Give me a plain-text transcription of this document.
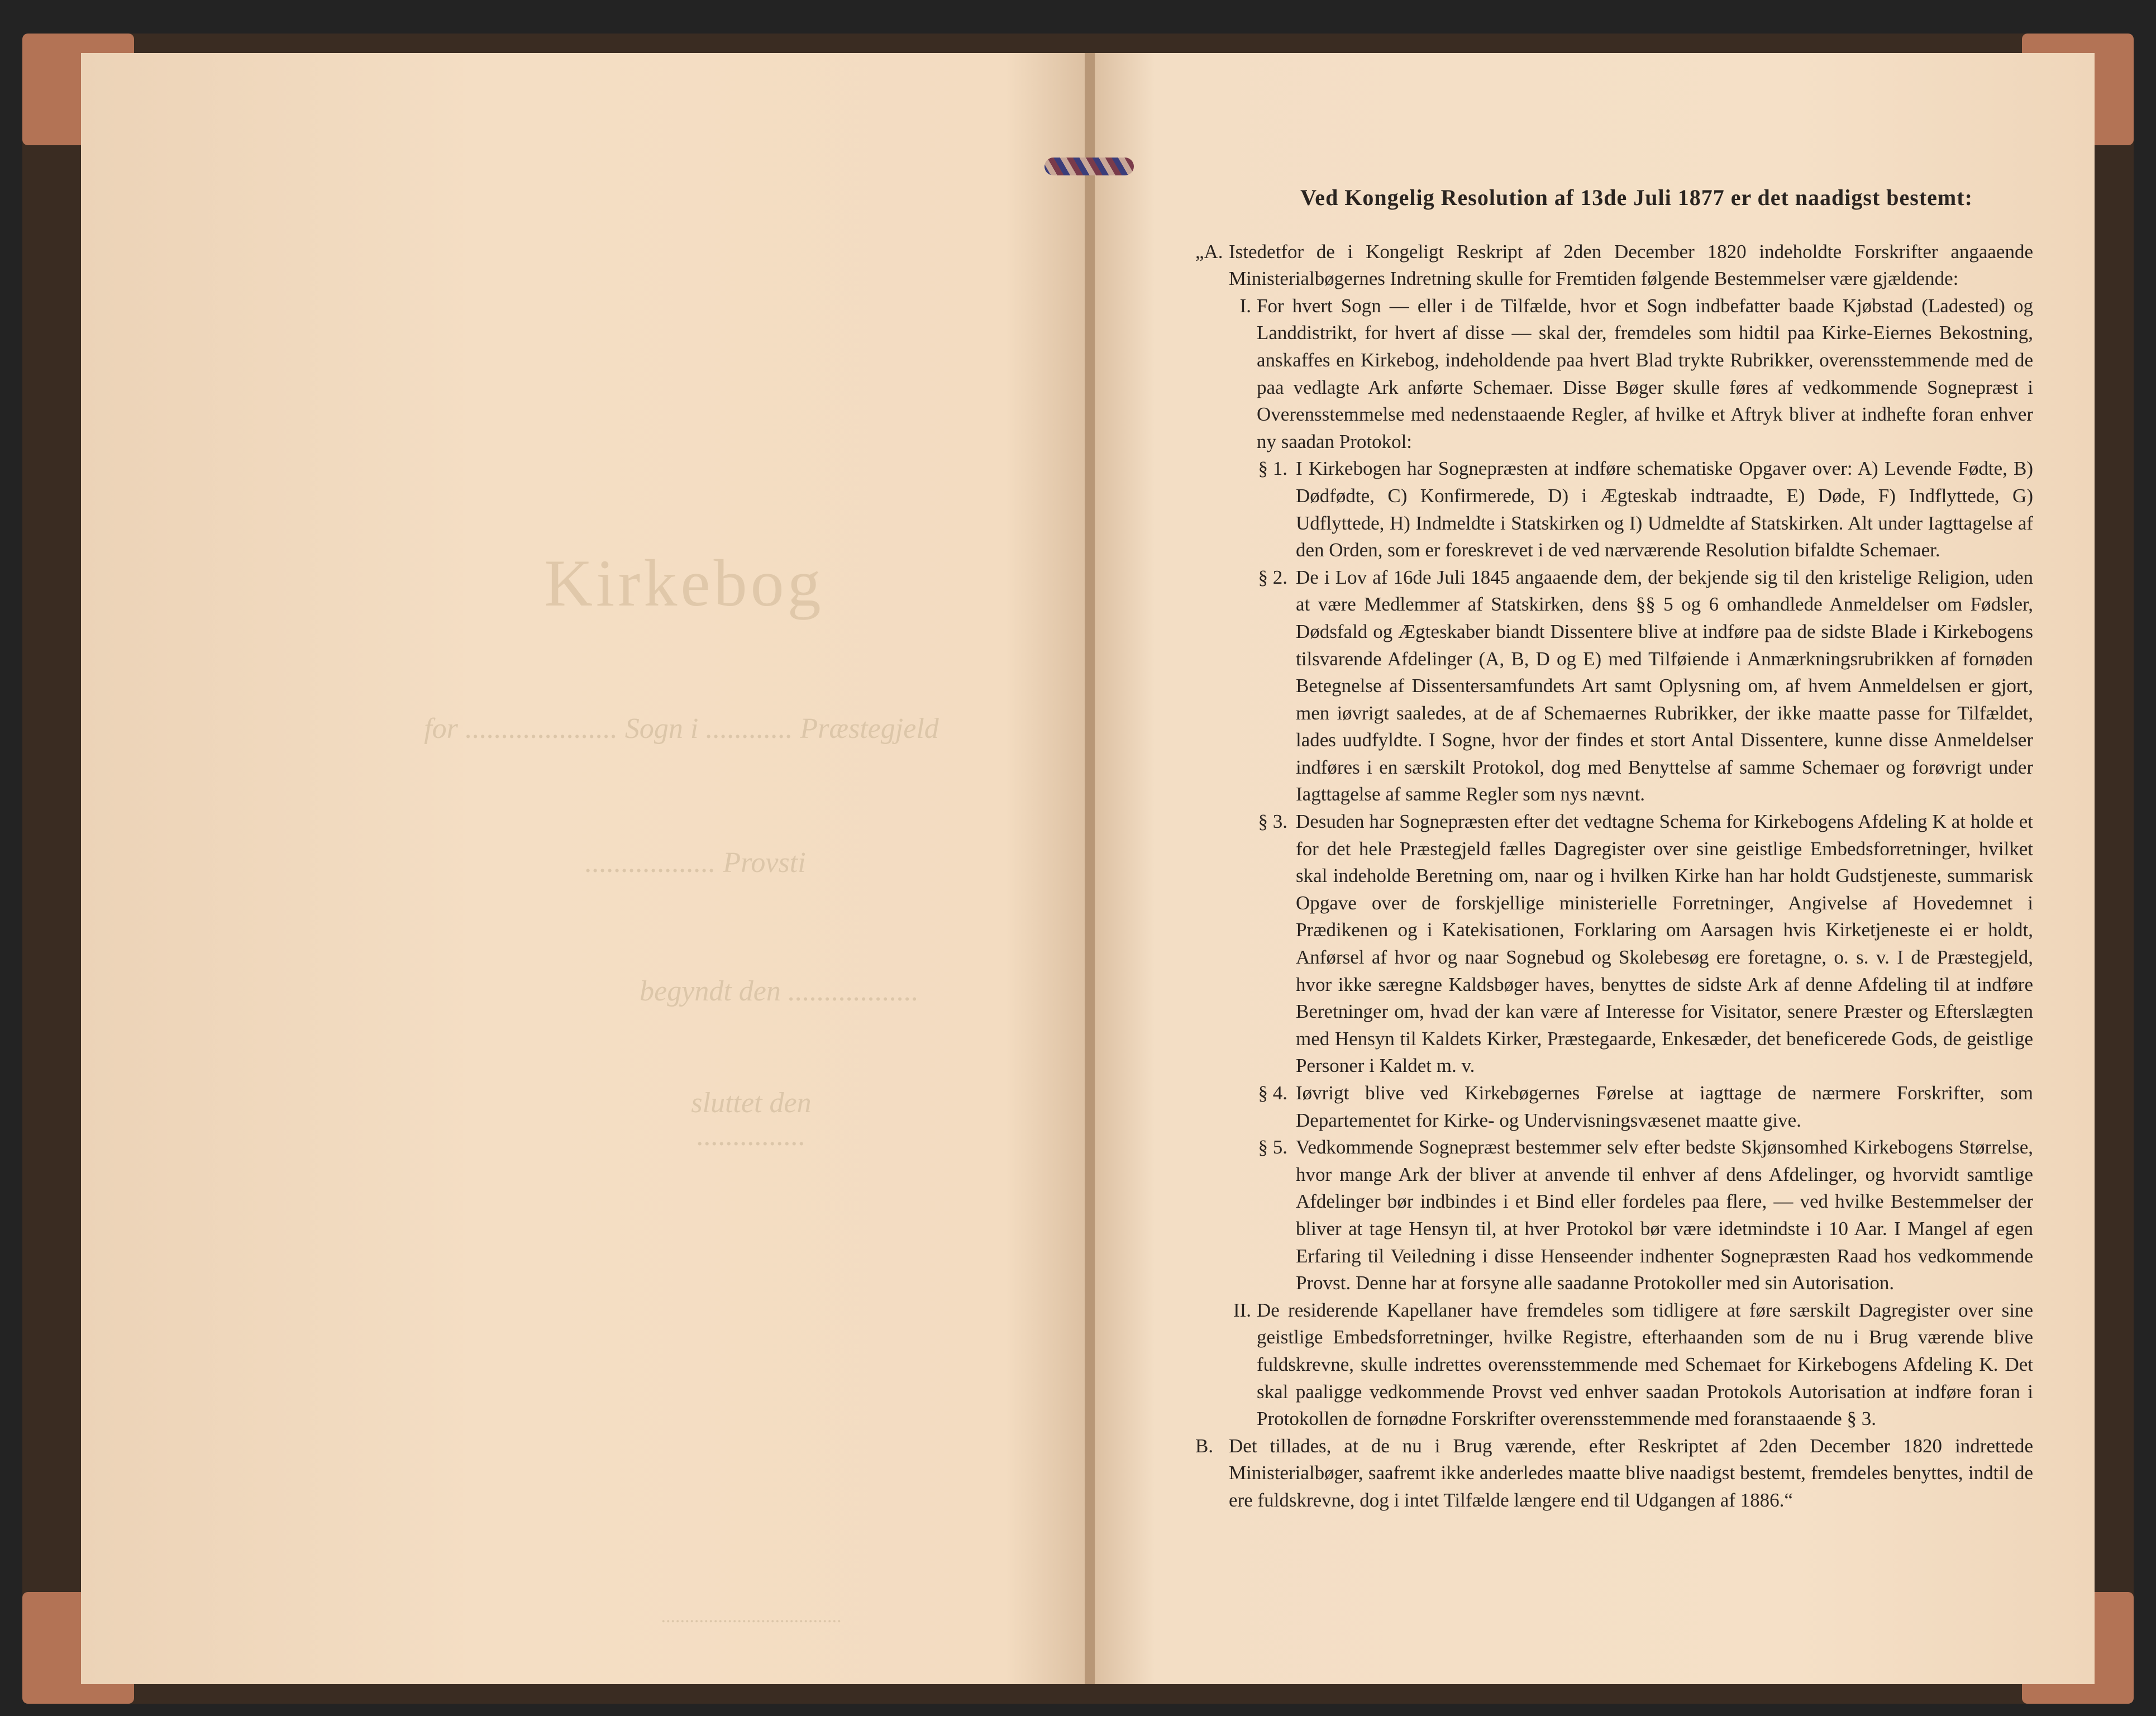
Kirkebog
for ..................... Sogn i ............ Præstegjeld
.................. Provsti
begyndt den ..................
sluttet den ...............
......................................
Ved Kongelig Resolution af 13de Juli 1877 er det naadigst bestemt:
„A. Istedetfor de i Kongeligt Reskript af 2den December 1820 indeholdte Forskrifter angaaende Ministerialbøgernes Indretning skulle for Fremtiden følgende Bestemmelser være gjældende:
I. For hvert Sogn — eller i de Tilfælde, hvor et Sogn indbefatter baade Kjøbstad (Ladested) og Landdistrikt, for hvert af disse — skal der, fremdeles som hidtil paa Kirke-Eiernes Bekostning, anskaffes en Kirkebog, indeholdende paa hvert Blad trykte Rubrikker, overensstemmende med de paa vedlagte Ark anførte Schemaer. Disse Bøger skulle føres af vedkommende Sognepræst i Overensstemmelse med nedenstaaende Regler, af hvilke et Aftryk bliver at indhefte foran enhver ny saadan Protokol:
§ 1. I Kirkebogen har Sognepræsten at indføre schematiske Opgaver over: A) Levende Fødte, B) Dødfødte, C) Konfirmerede, D) i Ægteskab indtraadte, E) Døde, F) Indflyttede, G) Udflyttede, H) Indmeldte i Statskirken og I) Udmeldte af Statskirken. Alt under Iagttagelse af den Orden, som er foreskrevet i de ved nærværende Resolution bifaldte Schemaer.
§ 2. De i Lov af 16de Juli 1845 angaaende dem, der bekjende sig til den kristelige Religion, uden at være Medlemmer af Statskirken, dens §§ 5 og 6 omhandlede Anmeldelser om Fødsler, Dødsfald og Ægteskaber biandt Dissentere blive at indføre paa de sidste Blade i Kirkebogens tilsvarende Afdelinger (A, B, D og E) med Tilføiende i Anmærkningsrubrikken af fornøden Betegnelse af Dissentersamfundets Art samt Oplysning om, af hvem Anmeldelsen er gjort, men iøvrigt saaledes, at de af Schemaernes Rubrikker, der ikke maatte passe for Tilfældet, lades uudfyldte. I Sogne, hvor der findes et stort Antal Dissentere, kunne disse Anmeldelser indføres i en særskilt Protokol, dog med Benyttelse af samme Schemaer og forøvrigt under Iagttagelse af samme Regler som nys nævnt.
§ 3. Desuden har Sognepræsten efter det vedtagne Schema for Kirkebogens Afdeling K at holde et for det hele Præstegjeld fælles Dagregister over sine geistlige Embedsforretninger, hvilket skal indeholde Beretning om, naar og i hvilken Kirke han har holdt Gudstjeneste, summarisk Opgave over de forskjellige ministerielle Forretninger, Angivelse af Hovedemnet i Prædikenen og i Katekisationen, Forklaring om Aarsagen hvis Kirketjeneste ei er holdt, Anførsel af hvor og naar Sognebud og Skolebesøg ere foretagne, o. s. v. I de Præstegjeld, hvor ikke særegne Kaldsbøger haves, benyttes de sidste Ark af denne Afdeling til at indføre Beretninger om, hvad der kan være af Interesse for Visitator, senere Præster og Efterslægten med Hensyn til Kaldets Kirker, Præstegaarde, Enkesæder, det beneficerede Gods, de geistlige Personer i Kaldet m. v.
§ 4. Iøvrigt blive ved Kirkebøgernes Førelse at iagttage de nærmere Forskrifter, som Departementet for Kirke- og Undervisningsvæsenet maatte give.
§ 5. Vedkommende Sognepræst bestemmer selv efter bedste Skjønsomhed Kirkebogens Størrelse, hvor mange Ark der bliver at anvende til enhver af dens Afdelinger, og hvorvidt samtlige Afdelinger bør indbindes i et Bind eller fordeles paa flere, — ved hvilke Bestemmelser der bliver at tage Hensyn til, at hver Protokol bør være idetmindste i 10 Aar. I Mangel af egen Erfaring til Veiledning i disse Henseender indhenter Sognepræsten Raad hos vedkommende Provst. Denne har at forsyne alle saadanne Protokoller med sin Autorisation.
II. De residerende Kapellaner have fremdeles som tidligere at føre særskilt Dagregister over sine geistlige Embedsforretninger, hvilke Registre, efterhaanden som de nu i Brug værende blive fuldskrevne, skulle indrettes overensstemmende med Schemaet for Kirkebogens Afdeling K. Det skal paaligge vedkommende Provst ved enhver saadan Protokols Autorisation at indføre foran i Protokollen de fornødne Forskrifter overensstemmende med foranstaaende § 3.
B. Det tillades, at de nu i Brug værende, efter Reskriptet af 2den December 1820 indrettede Ministerialbøger, saafremt ikke anderledes maatte blive naadigst bestemt, fremdeles benyttes, indtil de ere fuldskrevne, dog i intet Tilfælde længere end til Udgangen af 1886.“
